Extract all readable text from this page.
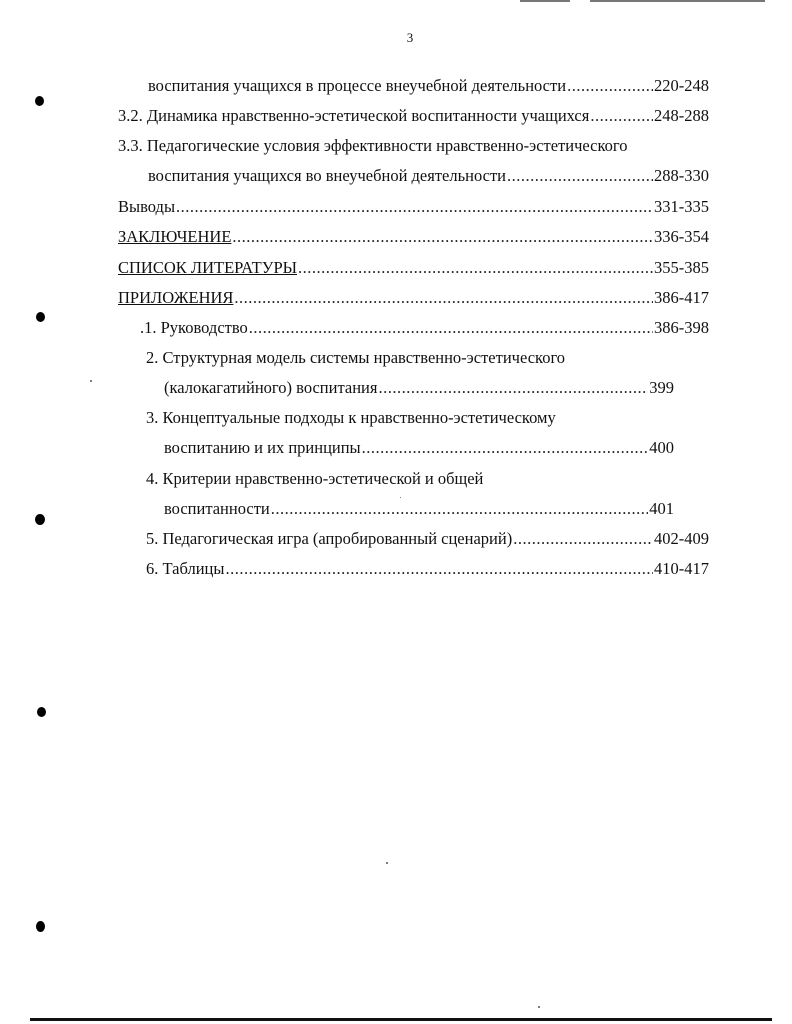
3
воспитания учащихся в процессе внеучебной деятельности .....	220-248
3.2. Динамика нравственно-эстетической воспитанности учащихся .....	248-288
3.3. Педагогические условия эффективности нравственно-эстетического
воспитания учащихся во внеучебной деятельности .....	288-330
Выводы .....	331-335
ЗАКЛЮЧЕНИЕ .....	336-354
СПИСОК ЛИТЕРАТУРЫ .....	355-385
ПРИЛОЖЕНИЯ .....	386-417
.1. Руководство .....	386-398
2. Структурная модель системы нравственно-эстетического
(калокагатийного) воспитания .....	399
3. Концептуальные подходы к нравственно-эстетическому
воспитанию и их принципы .....	400
4. Критерии нравственно-эстетической и общей
воспитанности .....	401
5. Педагогическая игра (апробированный сценарий) .....	402-409
6. Таблицы .....	410-417
